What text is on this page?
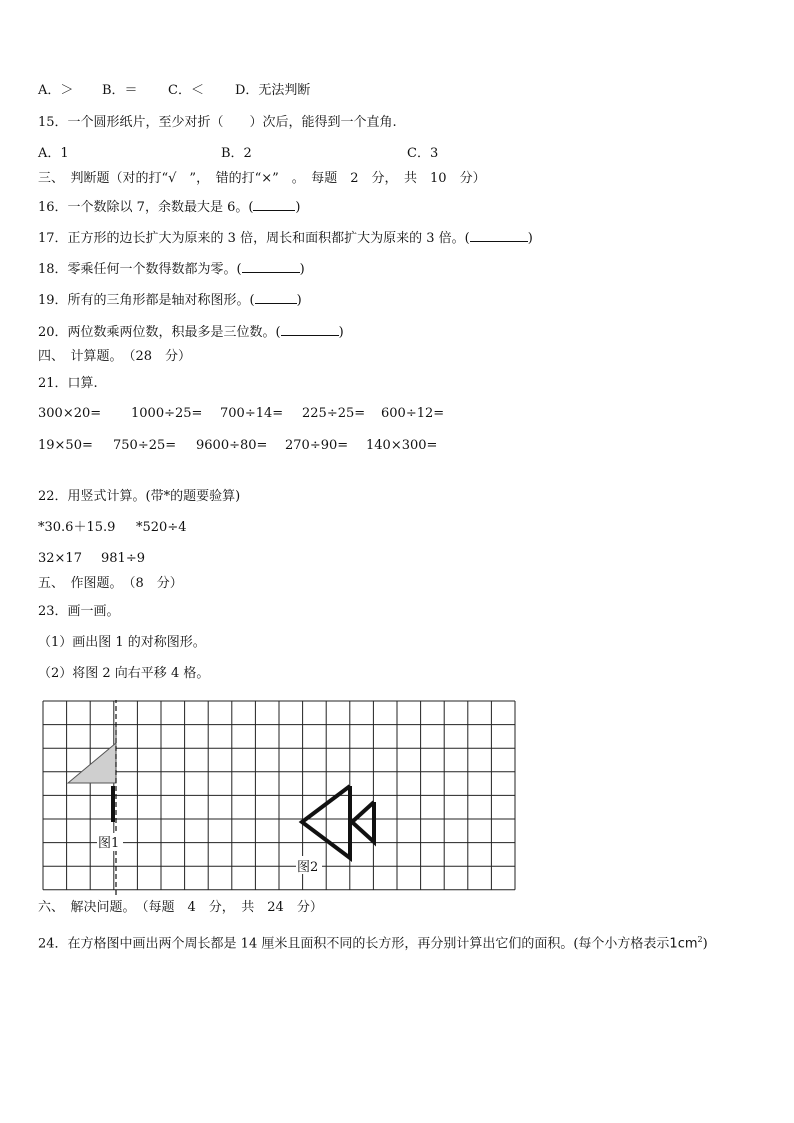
A．＞ B．＝ C．＜ D．无法判断
15．一个圆形纸片，至少对折（　　）次后，能得到一个直角.
A．1	B．2	C．3
三、　判断题（对的打“√　”，　错的打“×”　。　每题　2　分，　共　10　分）
16．一个数除以 7，余数最大是 6。(	)
17．正方形的边长扩大为原来的 3 倍，周长和面积都扩大为原来的 3 倍。(	)
18．零乘任何一个数得数都为零。(	)
19．所有的三角形都是轴对称图形。(	)
20．两位数乘两位数，积最多是三位数。(	)
四、　计算题。　（28　分）
21．口算.
300×20= 1000÷25= 700÷14= 225÷25= 600÷12=
19×50= 750÷25= 9600÷80= 270÷90= 140×300=
22．用竖式计算。(带*的题要验算)
*30.6＋15.9 *520÷4
32×17 981÷9
五、　作图题。　（8　分）
23．画一画。
（1）画出图 1 的对称图形。
（2）将图 2 向右平移 4 格。
图1
图2
六、　解决问题。　（每题　4　分，　共　24　分）
24．在方格图中画出两个周长都是 14 厘米且面积不同的长方形，再分别计算出它们的面积。(每个小方格表示$1cm^2$)
